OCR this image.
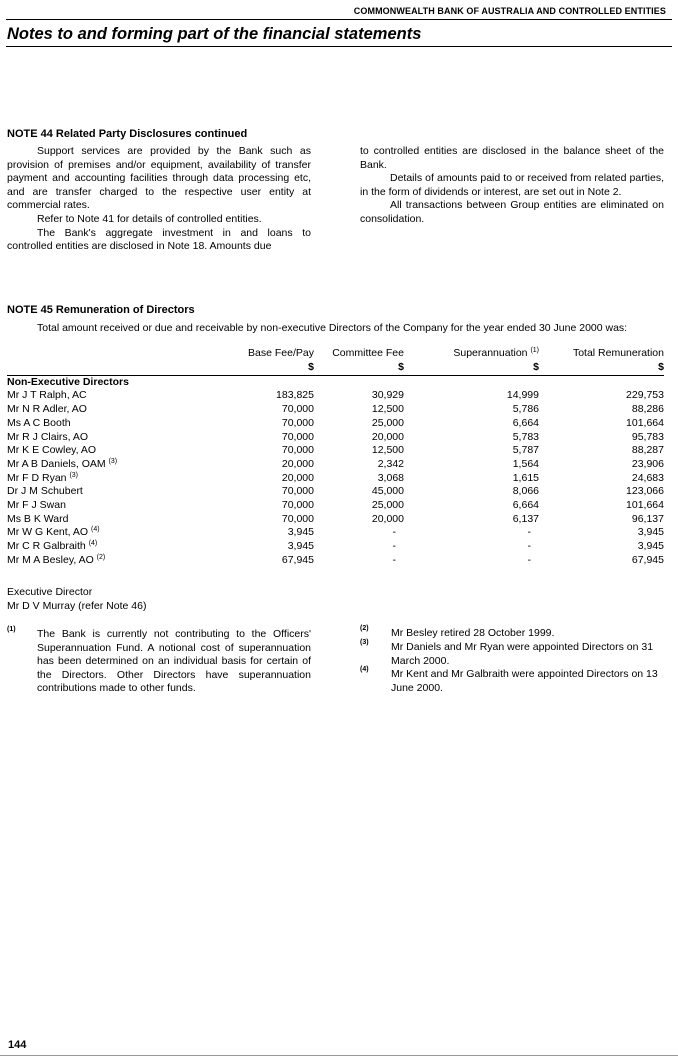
COMMONWEALTH BANK OF AUSTRALIA AND CONTROLLED ENTITIES
Notes to and forming part of the financial statements
NOTE 44 Related Party Disclosures continued

Support services are provided by the Bank such as provision of premises and/or equipment, availability of transfer payment and accounting facilities through data processing etc, and are transfer charged to the respective user entity at commercial rates.

Refer to Note 41 for details of controlled entities.

The Bank's aggregate investment in and loans to controlled entities are disclosed in Note 18. Amounts due

to controlled entities are disclosed in the balance sheet of the Bank.

Details of amounts paid to or received from related parties, in the form of dividends or interest, are set out in Note 2.

All transactions between Group entities are eliminated on consolidation.

NOTE 45 Remuneration of Directors

Total amount received or due and receivable by non-executive Directors of the Company for the year ended 30 June 2000 was:

	Base Fee/Pay	Committee Fee	Superannuation $^{(1)}$	Total Remuneration
	$	$	$	$
Non-Executive Directors				
Mr J T Ralph, AC	183,825	30,929	14,999	229,753
Mr N R Adler, AO	70,000	12,500	5,786	88,286
Ms A C Booth	70,000	25,000	6,664	101,664
Mr R J Clairs, AO	70,000	20,000	5,783	95,783
Mr K E Cowley, AO	70,000	12,500	5,787	88,287
Mr A B Daniels, OAM $^{(3)}$	20,000	2,342	1,564	23,906
Mr F D Ryan $^{(3)}$	20,000	3,068	1,615	24,683
Dr J M Schubert	70,000	45,000	8,066	123,066
Mr F J Swan	70,000	25,000	6,664	101,664
Ms B K Ward	70,000	20,000	6,137	96,137
Mr W G Kent, AO $^{(4)}$	3,945	-	-	3,945
Mr C R Galbraith $^{(4)}$	3,945	-	-	3,945
Mr M A Besley, AO $^{(2)}$	67,945	-	-	67,945
Executive Director
Mr D V Murray (refer Note 46)
(1) The Bank is currently not contributing to the Officers' Superannuation Fund. A notional cost of superannuation has been determined on an individual basis for certain of the Directors. Other Directors have superannuation contributions made to other funds.
(2) Mr Besley retired 28 October 1999.
(3) Mr Daniels and Mr Ryan were appointed Directors on 31 March 2000.
(4) Mr Kent and Mr Galbraith were appointed Directors on 13 June 2000.
144
